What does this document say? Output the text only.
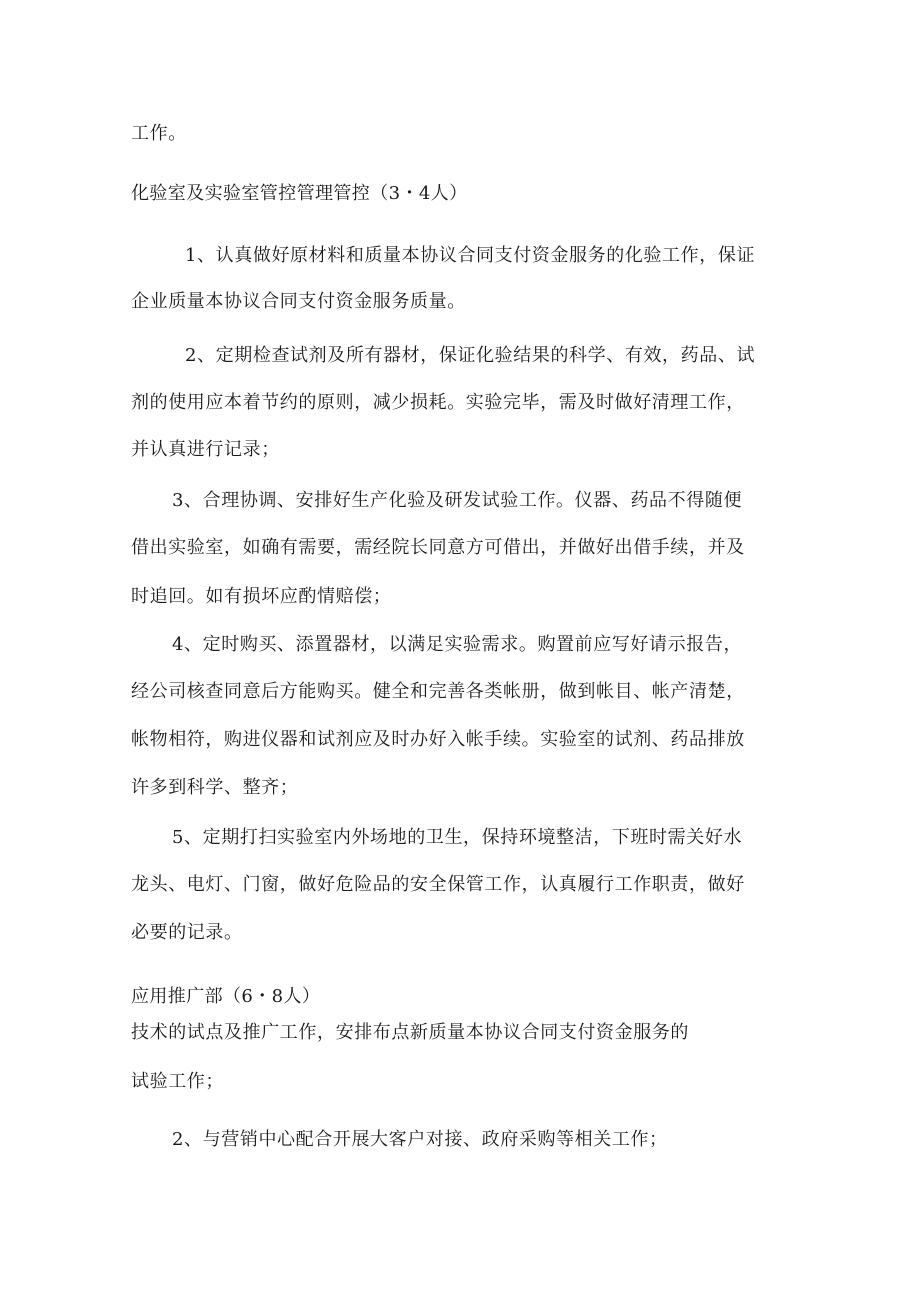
工作。
化验室及实验室管控管理管控（3・4人）
1、认真做好原材料和质量本协议合同支付资金服务的化验工作，保证
企业质量本协议合同支付资金服务质量。
2、定期检查试剂及所有器材，保证化验结果的科学、有效，药品、试
剂的使用应本着节约的原则，减少损耗。实验完毕，需及时做好清理工作，
并认真进行记录；
3、合理协调、安排好生产化验及研发试验工作。仪器、药品不得随便
借出实验室，如确有需要，需经院长同意方可借出，并做好出借手续，并及
时追回。如有损坏应酌情赔偿；
4、定时购买、添置器材，以满足实验需求。购置前应写好请示报告，
经公司核查同意后方能购买。健全和完善各类帐册，做到帐目、帐产清楚，
帐物相符，购进仪器和试剂应及时办好入帐手续。实验室的试剂、药品排放
许多到科学、整齐；
5、定期打扫实验室内外场地的卫生，保持环境整洁，下班时需关好水
龙头、电灯、门窗，做好危险品的安全保管工作，认真履行工作职责，做好
必要的记录。
应用推广部（6・8人）
技术的试点及推广工作，安排布点新质量本协议合同支付资金服务的
试验工作；
2、与营销中心配合开展大客户对接、政府采购等相关工作；
